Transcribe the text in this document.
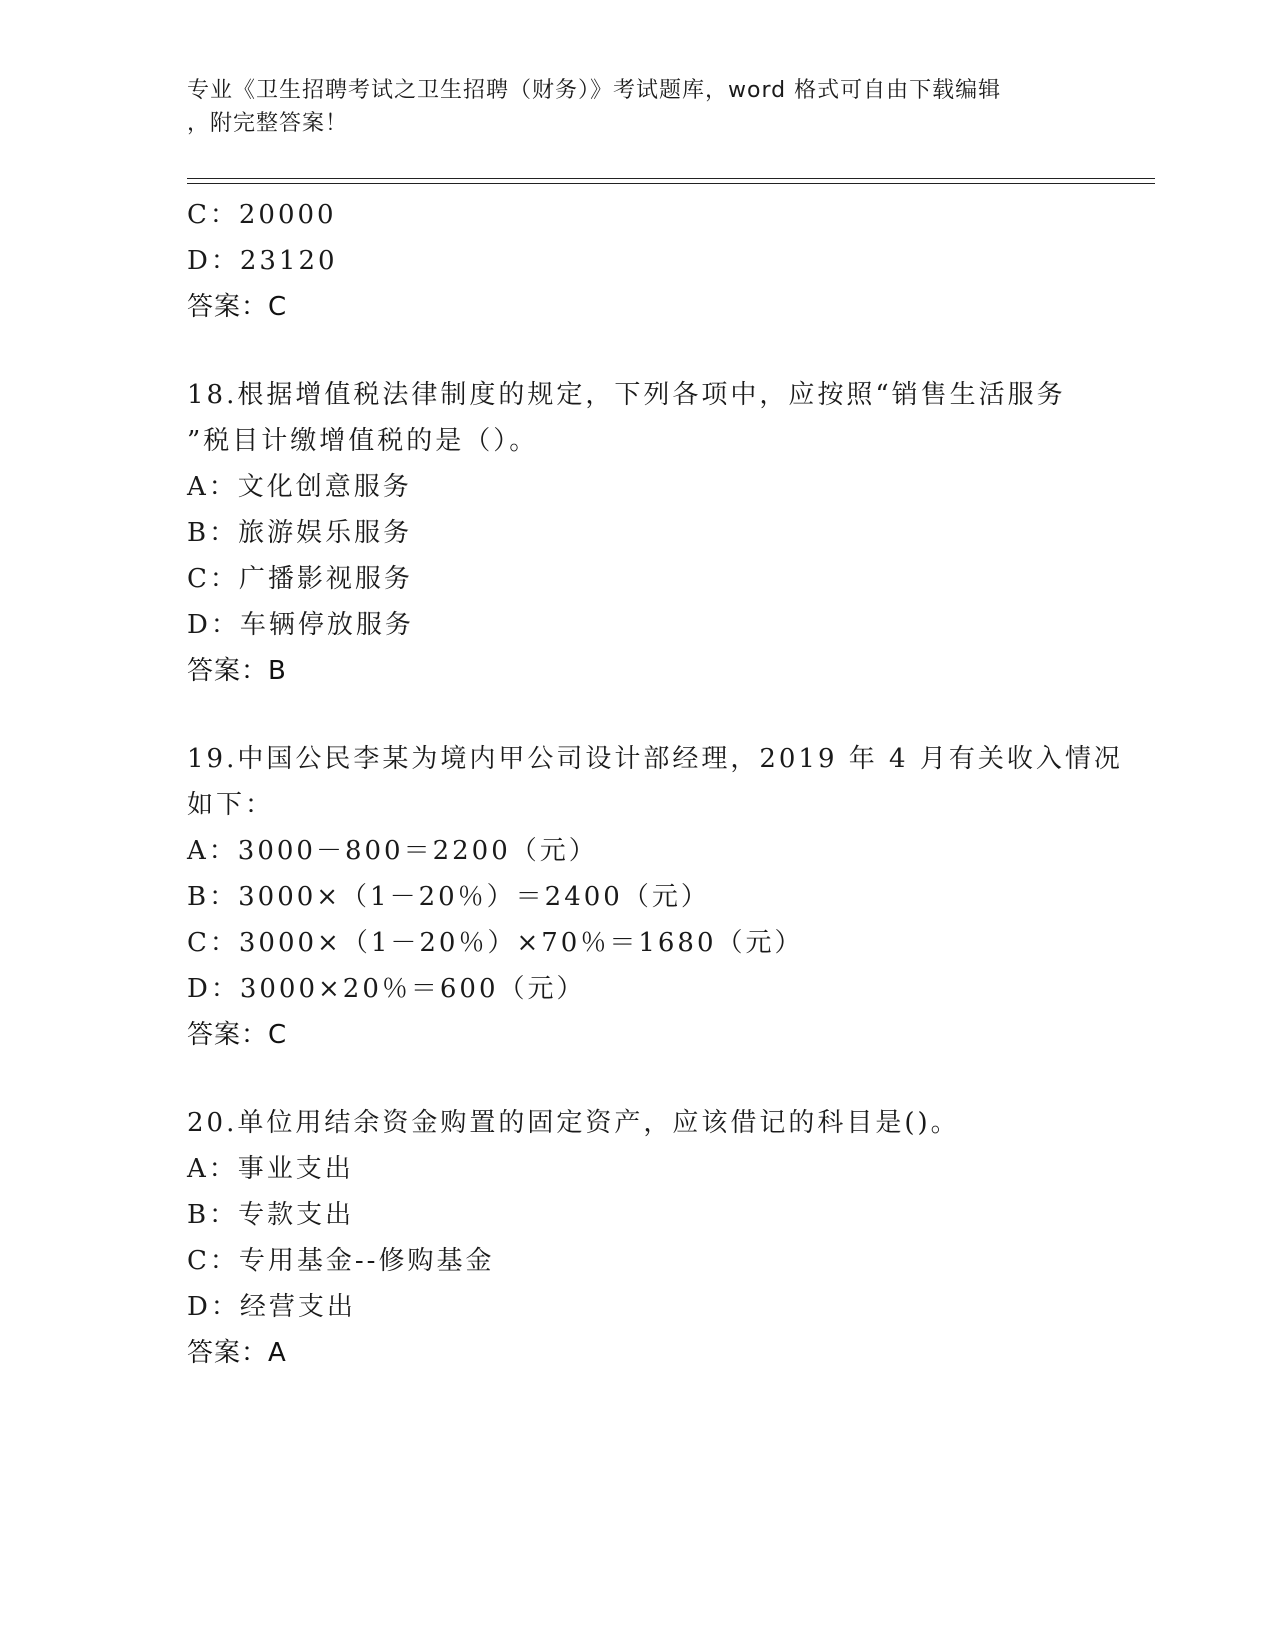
专业《卫生招聘考试之卫生招聘（财务）》考试题库，word 格式可自由下载编辑
，附完整答案！
C：20000
D：23120
答案：C
18.根据增值税法律制度的规定，下列各项中，应按照“销售生活服务
”税目计缴增值税的是（）。
A：文化创意服务
B：旅游娱乐服务
C：广播影视服务
D：车辆停放服务
答案：B
19.中国公民李某为境内甲公司设计部经理，2019 年 4 月有关收入情况
如下：
A：3000－800＝2200（元）
B：3000×（1－20％）＝2400（元）
C：3000×（1－20％）×70％＝1680（元）
D：3000×20％＝600（元）
答案：C
20.单位用结余资金购置的固定资产，应该借记的科目是()。
A：事业支出
B：专款支出
C：专用基金--修购基金
D：经营支出
答案：A
